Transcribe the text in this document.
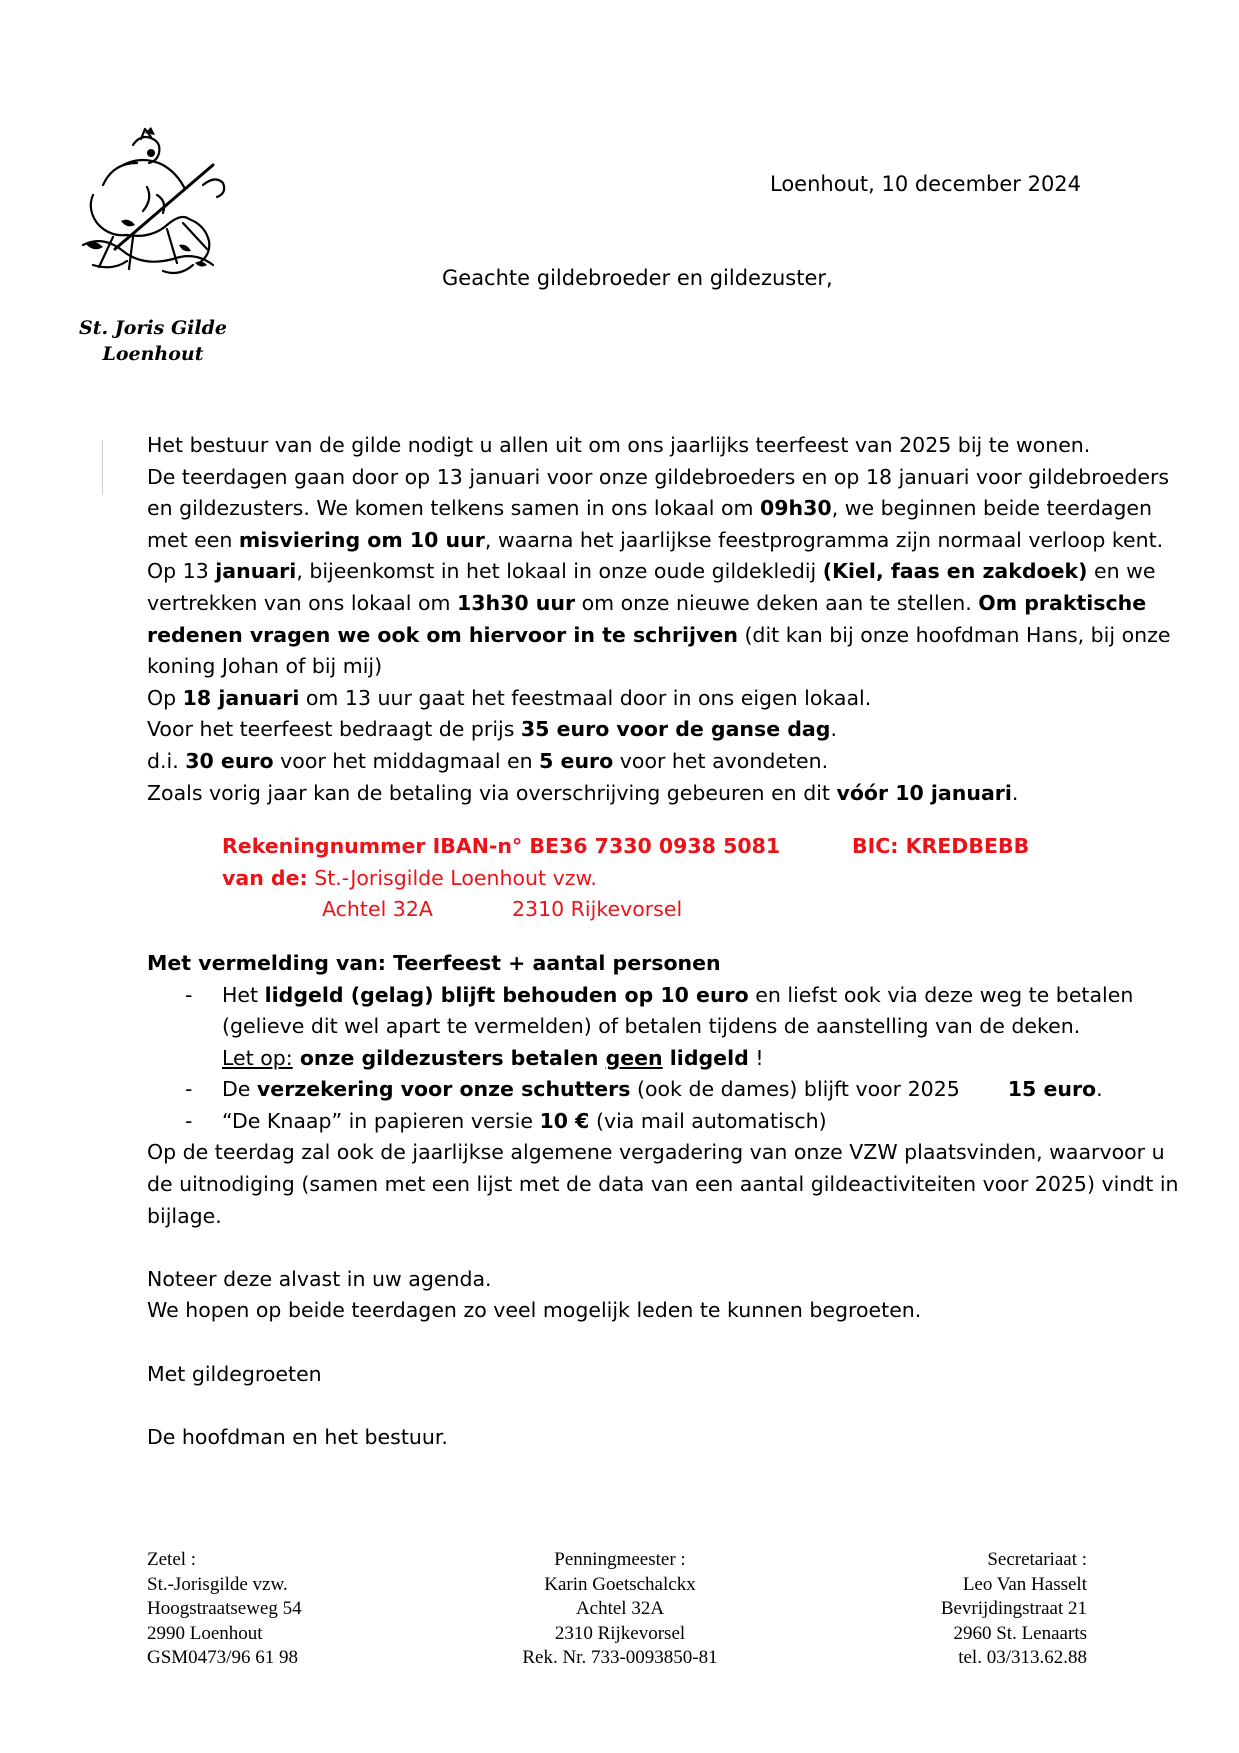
St. Joris Gilde
Loenhout
Loenhout, 10 december 2024
Geachte gildebroeder en gildezuster,

Het bestuur van de gilde nodigt u allen uit om ons jaarlijks teerfeest van 2025 bij te wonen.

De teerdagen gaan door op 13 januari voor onze gildebroeders en op 18 januari voor gildebroeders en gildezusters. We komen telkens samen in ons lokaal om 09h30, we beginnen beide teerdagen met een misviering om 10 uur, waarna het jaarlijkse feestprogramma zijn normaal verloop kent.

Op 13 januari, bijeenkomst in het lokaal in onze oude gildekledij (Kiel, faas en zakdoek) en we vertrekken van ons lokaal om 13h30 uur om onze nieuwe deken aan te stellen. Om praktische redenen vragen we ook om hiervoor in te schrijven (dit kan bij onze hoofdman Hans, bij onze koning Johan of bij mij)

Op 18 januari om 13 uur gaat het feestmaal door in ons eigen lokaal.

Voor het teerfeest bedraagt de prijs 35 euro voor de ganse dag.

d.i. 30 euro voor het middagmaal en 5 euro voor het avondeten.

Zoals vorig jaar kan de betaling via overschrijving gebeuren en dit vóór 10 januari.

Rekeningnummer IBAN-n° BE36 7330 0938 5081	BIC: KREDBEBB
van de: St.-Jorisgilde Loenhout vzw.
Achtel 32A	2310 Rijkevorsel

Met vermelding van: Teerfeest + aantal personen

- Het lidgeld (gelag) blijft behouden op 10 euro en liefst ook via deze weg te betalen (gelieve dit wel apart te vermelden) of betalen tijdens de aanstelling van de deken.
Let op: onze gildezusters betalen geen lidgeld !
- De verzekering voor onze schutters (ook de dames) blijft voor 2025 15 euro.
- “De Knaap” in papieren versie 10 € (via mail automatisch)

Op de teerdag zal ook de jaarlijkse algemene vergadering van onze VZW plaatsvinden, waarvoor u de uitnodiging (samen met een lijst met de data van een aantal gildeactiviteiten voor 2025) vindt in bijlage.

Noteer deze alvast in uw agenda.

We hopen op beide teerdagen zo veel mogelijk leden te kunnen begroeten.

Met gildegroeten

De hoofdman en het bestuur.

Zetel :
St.-Jorisgilde vzw.
Hoogstraatseweg 54
2990 Loenhout
GSM0473/96 61 98
Penningmeester :
Karin Goetschalckx
Achtel 32A
2310 Rijkevorsel
Rek. Nr. 733-0093850-81
Secretariaat :
Leo Van Hasselt
Bevrijdingstraat 21
2960 St. Lenaarts
tel. 03/313.62.88
